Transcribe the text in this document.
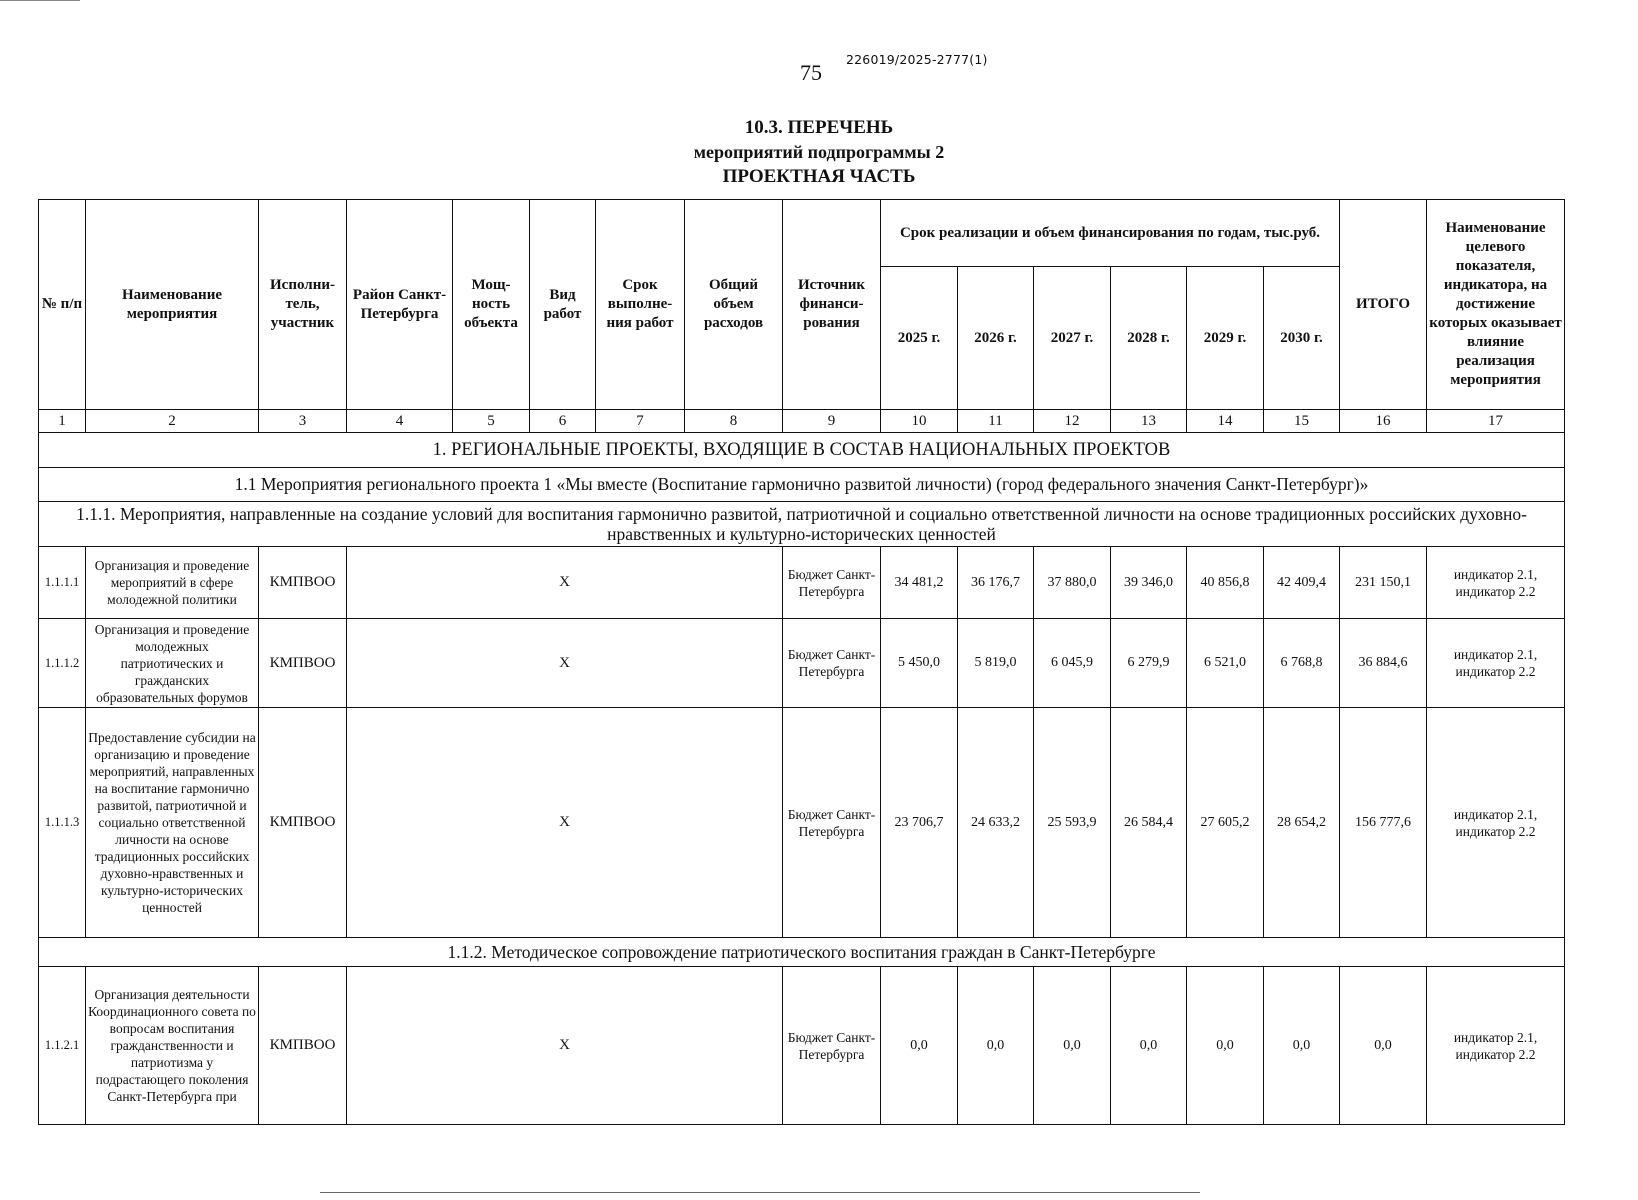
75
226019/2025-2777(1)
10.3. ПЕРЕЧЕНЬ
мероприятий подпрограммы 2
ПРОЕКТНАЯ ЧАСТЬ
№ п/п	Наименование мероприятия	Исполни-тель, участник	Район Санкт-Петербурга	Мощ-ность объекта	Вид работ	Срок выполне-ния работ	Общий объем расходов	Источник финанси-рования	Срок реализации и объем финансирования по годам, тыс.руб.						ИТОГО	Наименование целевого показателя, индикатора, на достижение которых оказывает влияние реализация мероприятия
									2025 г.	2026 г.	2027 г.	2028 г.	2029 г.	2030 г.		
1	2	3	4	5	6	7	8	9	10	11	12	13	14	15	16	17
1. РЕГИОНАЛЬНЫЕ ПРОЕКТЫ, ВХОДЯЩИЕ В СОСТАВ НАЦИОНАЛЬНЫХ ПРОЕКТОВ																
1.1 Мероприятия регионального проекта 1 «Мы вместе (Воспитание гармонично развитой личности) (город федерального значения Санкт-Петербург)»																
1.1.1. Мероприятия, направленные на создание условий для воспитания гармонично развитой, патриотичной и социально ответственной личности на основе традиционных российских духовно-нравственных и культурно-исторических ценностей																
1.1.1.1	Организация и проведение мероприятий в сфере молодежной политики	КМПВОО	Х					Бюджет Санкт-Петербурга	34 481,2	36 176,7	37 880,0	39 346,0	40 856,8	42 409,4	231 150,1	индикатор 2.1, индикатор 2.2
1.1.1.2	Организация и проведение молодежных патриотических и гражданских образовательных форумов	КМПВОО	Х					Бюджет Санкт-Петербурга	5 450,0	5 819,0	6 045,9	6 279,9	6 521,0	6 768,8	36 884,6	индикатор 2.1, индикатор 2.2
1.1.1.3	Предоставление субсидии на организацию и проведение мероприятий, направленных на воспитание гармонично развитой, патриотичной и социально ответственной личности на основе традиционных российских духовно-нравственных и культурно-исторических ценностей	КМПВОО	Х					Бюджет Санкт-Петербурга	23 706,7	24 633,2	25 593,9	26 584,4	27 605,2	28 654,2	156 777,6	индикатор 2.1, индикатор 2.2
1.1.2. Методическое сопровождение патриотического воспитания граждан в Санкт-Петербурге																
1.1.2.1	Организация деятельности Координационного совета по вопросам воспитания гражданственности и патриотизма у подрастающего поколения Санкт-Петербурга при	КМПВОО	Х					Бюджет Санкт-Петербурга	0,0	0,0	0,0	0,0	0,0	0,0	0,0	индикатор 2.1, индикатор 2.2
